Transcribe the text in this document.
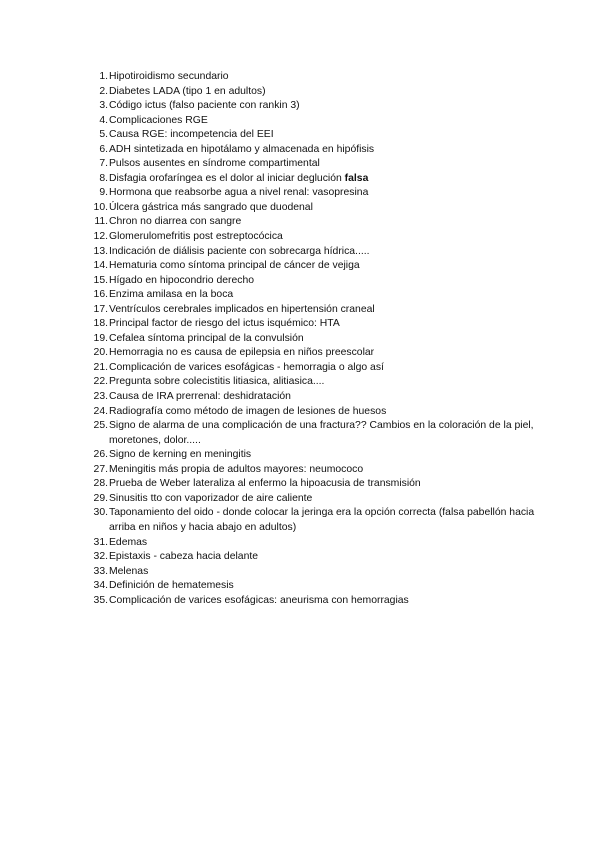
1. Hipotiroidismo secundario
2. Diabetes LADA (tipo 1 en adultos)
3. Código ictus (falso paciente con rankin 3)
4. Complicaciones RGE
5. Causa RGE: incompetencia del EEI
6. ADH sintetizada en hipotálamo y almacenada en hipófisis
7. Pulsos ausentes en síndrome compartimental
8. Disfagia orofaríngea es el dolor al iniciar deglución falsa
9. Hormona que reabsorbe agua a nivel renal: vasopresina
10. Úlcera gástrica más sangrado que duodenal
11. Chron no diarrea con sangre
12. Glomerulomefritis post estreptocócica
13. Indicación de diálisis paciente con sobrecarga hídrica.....
14. Hematuria como síntoma principal de cáncer de vejiga
15. Hígado en hipocondrio derecho
16. Enzima amilasa en la boca
17. Ventrículos cerebrales implicados en hipertensión craneal
18. Principal factor de riesgo del ictus isquémico: HTA
19. Cefalea síntoma principal de la convulsión
20. Hemorragia no es causa de epilepsia en niños preescolar
21. Complicación de varices esofágicas - hemorragia o algo así
22. Pregunta sobre colecistitis litiasica, alitiasica....
23. Causa de IRA prerrenal: deshidratación
24. Radiografía como método de imagen de lesiones de huesos
25. Signo de alarma de una complicación de una fractura?? Cambios en la coloración de la piel, moretones, dolor.....
26. Signo de kerning en meningitis
27. Meningitis más propia de adultos mayores: neumococo
28. Prueba de Weber lateraliza al enfermo la hipoacusia de transmisión
29. Sinusitis tto con vaporizador de aire caliente
30. Taponamiento del oido - donde colocar la jeringa era la opción correcta (falsa pabellón hacia arriba en niños y hacia abajo en adultos)
31. Edemas
32. Epistaxis - cabeza hacia delante
33. Melenas
34. Definición de hematemesis
35. Complicación de varices esofágicas: aneurisma con hemorragias
